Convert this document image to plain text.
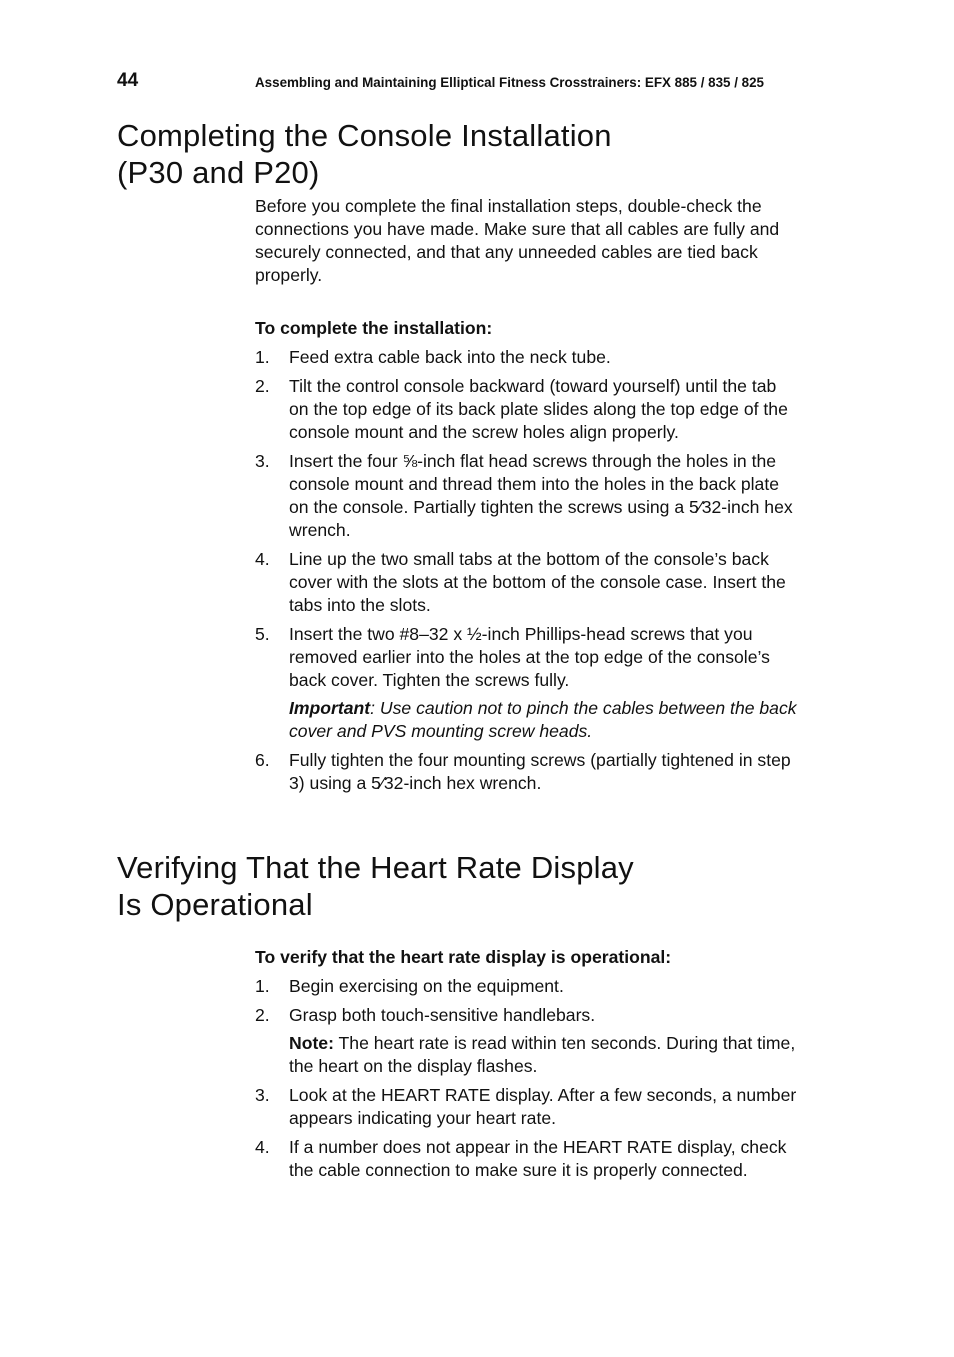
44	Assembling and Maintaining Elliptical Fitness Crosstrainers: EFX 885 / 835 / 825
Completing the Console Installation
(P30 and P20)

Before you complete the final installation steps, double-check the connections you have made. Make sure that all cables are fully and securely connected, and that any unneeded cables are tied back properly.

To complete the installation:

1. Feed extra cable back into the neck tube.
2. Tilt the control console backward (toward yourself) until the tab on the top edge of its back plate slides along the top edge of the console mount and the screw holes align properly.
3. Insert the four ⅝-inch flat head screws through the holes in the console mount and thread them into the holes in the back plate on the console. Partially tighten the screws using a 5⁄32-inch hex wrench.
4. Line up the two small tabs at the bottom of the console’s back cover with the slots at the bottom of the console case. Insert the tabs into the slots.
5. Insert the two #8–32 x ½-inch Phillips-head screws that you removed earlier into the holes at the top edge of the console’s back cover. Tighten the screws fully.
Important: Use caution not to pinch the cables between the back cover and PVS mounting screw heads.
6. Fully tighten the four mounting screws (partially tightened in step 3) using a 5⁄32-inch hex wrench.
Verifying That the Heart Rate Display
Is Operational

To verify that the heart rate display is operational:

1. Begin exercising on the equipment.
2. Grasp both touch-sensitive handlebars.
Note: The heart rate is read within ten seconds. During that time, the heart on the display flashes.
3. Look at the HEART RATE display. After a few seconds, a number appears indicating your heart rate.
4. If a number does not appear in the HEART RATE display, check the cable connection to make sure it is properly connected.
